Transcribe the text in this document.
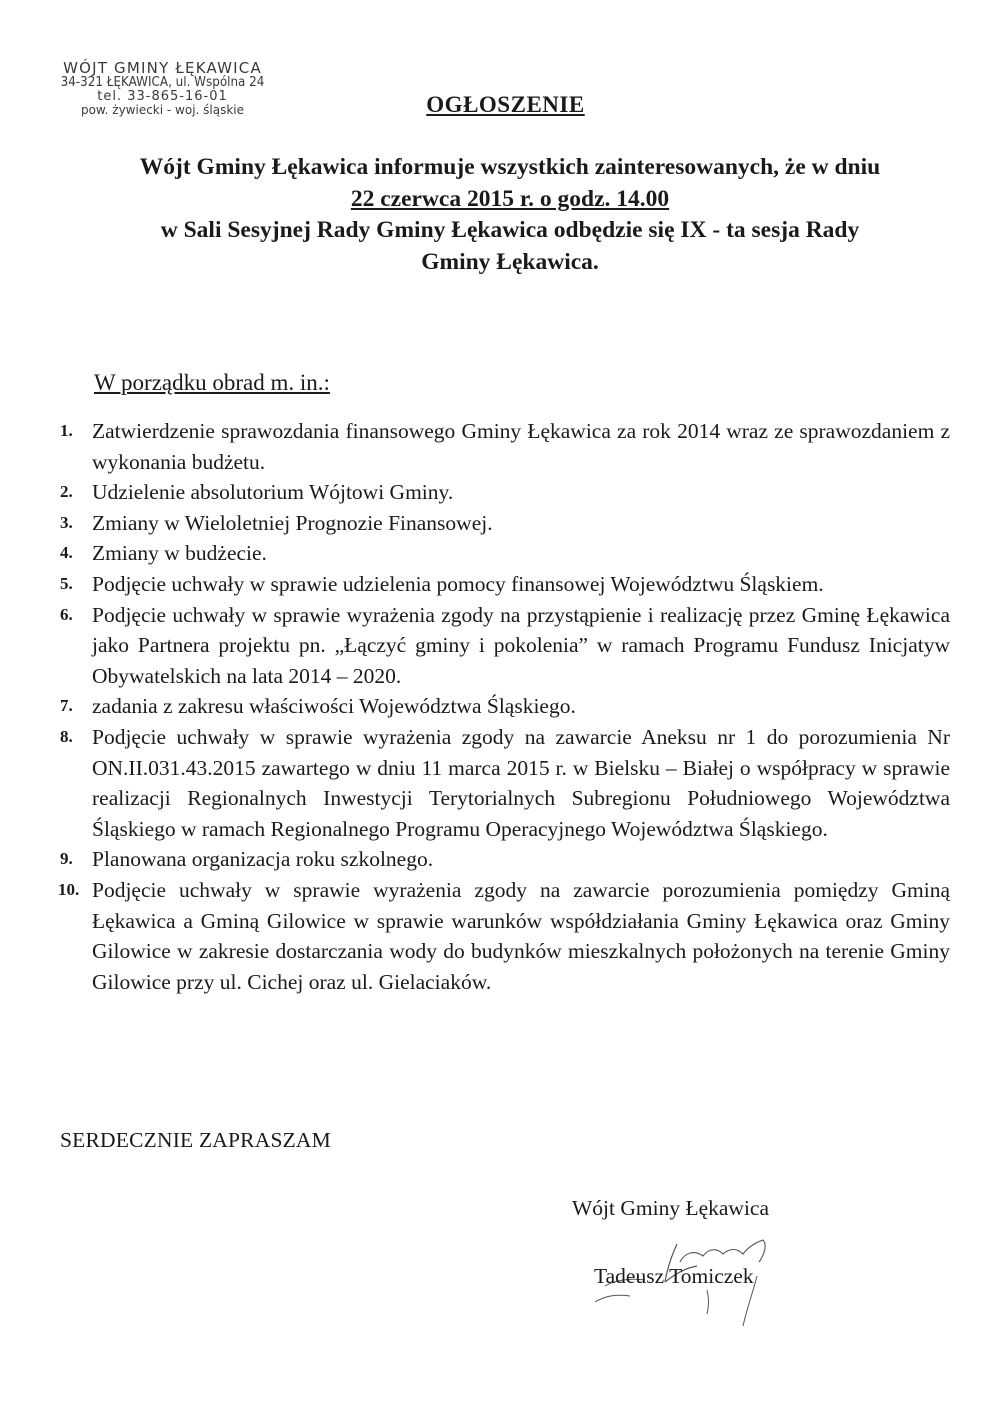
WÓJT GMINY ŁĘKAWICA
34-321 ŁĘKAWICA, ul. Wspólna 24
tel. 33-865-16-01
pow. żywiecki - woj. śląskie	OGŁOSZENIE
Wójt Gminy Łękawica informuje wszystkich zainteresowanych, że w dniu
22 czerwca 2015 r. o godz. 14.00
w Sali Sesyjnej Rady Gminy Łękawica odbędzie się IX - ta sesja Rady
Gminy Łękawica.
W porządku obrad m. in.:
1. Zatwierdzenie sprawozdania finansowego Gminy Łękawica za rok 2014 wraz ze sprawozdaniem z wykonania budżetu.
2. Udzielenie absolutorium Wójtowi Gminy.
3. Zmiany w Wieloletniej Prognozie Finansowej.
4. Zmiany w budżecie.
5. Podjęcie uchwały w sprawie udzielenia pomocy finansowej Województwu Śląskiem.
6. Podjęcie uchwały w sprawie wyrażenia zgody na przystąpienie i realizację przez Gminę Łękawica jako Partnera projektu pn. „Łączyć gminy i pokolenia” w ramach Programu Fundusz Inicjatyw Obywatelskich na lata 2014 – 2020.
7. zadania z zakresu właściwości Województwa Śląskiego.
8. Podjęcie uchwały w sprawie wyrażenia zgody na zawarcie Aneksu nr 1 do porozumienia Nr ON.II.031.43.2015 zawartego w dniu 11 marca 2015 r. w Bielsku – Białej o współpracy w sprawie realizacji Regionalnych Inwestycji Terytorialnych Subregionu Południowego Województwa Śląskiego w ramach Regionalnego Programu Operacyjnego Województwa Śląskiego.
9. Planowana organizacja roku szkolnego.
10. Podjęcie uchwały w sprawie wyrażenia zgody na zawarcie porozumienia pomiędzy Gminą Łękawica a Gminą Gilowice w sprawie warunków współdziałania Gminy Łękawica oraz Gminy Gilowice w zakresie dostarczania wody do budynków mieszkalnych położonych na terenie Gminy Gilowice przy ul. Cichej oraz ul. Gielaciaków.
SERDECZNIE ZAPRASZAM
Wójt Gminy Łękawica
Tadeusz Tomiczek
